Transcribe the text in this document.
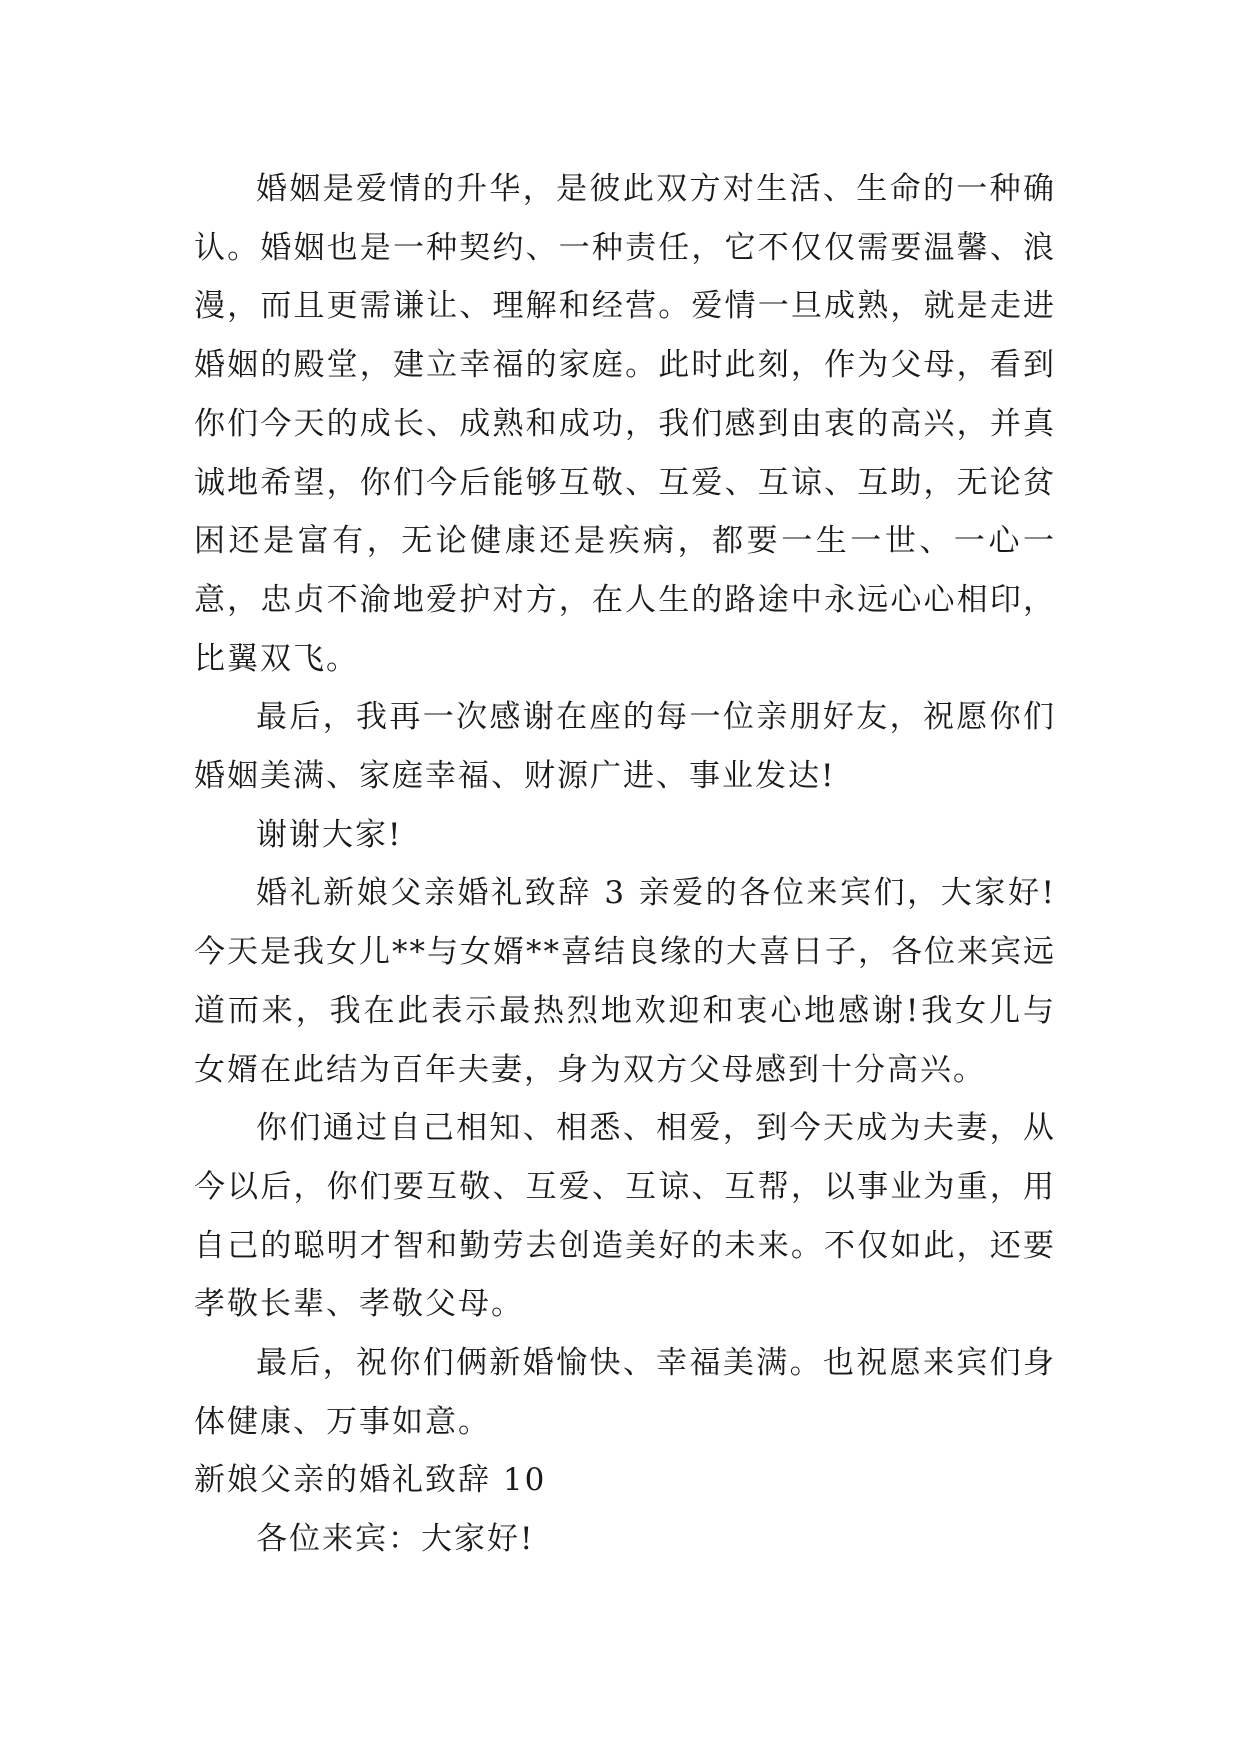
婚姻是爱情的升华，是彼此双方对生活、生命的一种确认。婚姻也是一种契约、一种责任，它不仅仅需要温馨、浪漫，而且更需谦让、理解和经营。爱情一旦成熟，就是走进婚姻的殿堂，建立幸福的家庭。此时此刻，作为父母，看到你们今天的成长、成熟和成功，我们感到由衷的高兴，并真诚地希望，你们今后能够互敬、互爱、互谅、互助，无论贫困还是富有，无论健康还是疾病，都要一生一世、一心一意，忠贞不渝地爱护对方，在人生的路途中永远心心相印，比翼双飞。

最后，我再一次感谢在座的每一位亲朋好友，祝愿你们婚姻美满、家庭幸福、财源广进、事业发达!

谢谢大家!

婚礼新娘父亲婚礼致辞 3 亲爱的各位来宾们，大家好!今天是我女儿**与女婿**喜结良缘的大喜日子，各位来宾远道而来，我在此表示最热烈地欢迎和衷心地感谢!我女儿与女婿在此结为百年夫妻，身为双方父母感到十分高兴。

你们通过自己相知、相悉、相爱，到今天成为夫妻，从今以后，你们要互敬、互爱、互谅、互帮，以事业为重，用自己的聪明才智和勤劳去创造美好的未来。不仅如此，还要孝敬长辈、孝敬父母。

最后，祝你们俩新婚愉快、幸福美满。也祝愿来宾们身体健康、万事如意。

新娘父亲的婚礼致辞 10

各位来宾：大家好!
